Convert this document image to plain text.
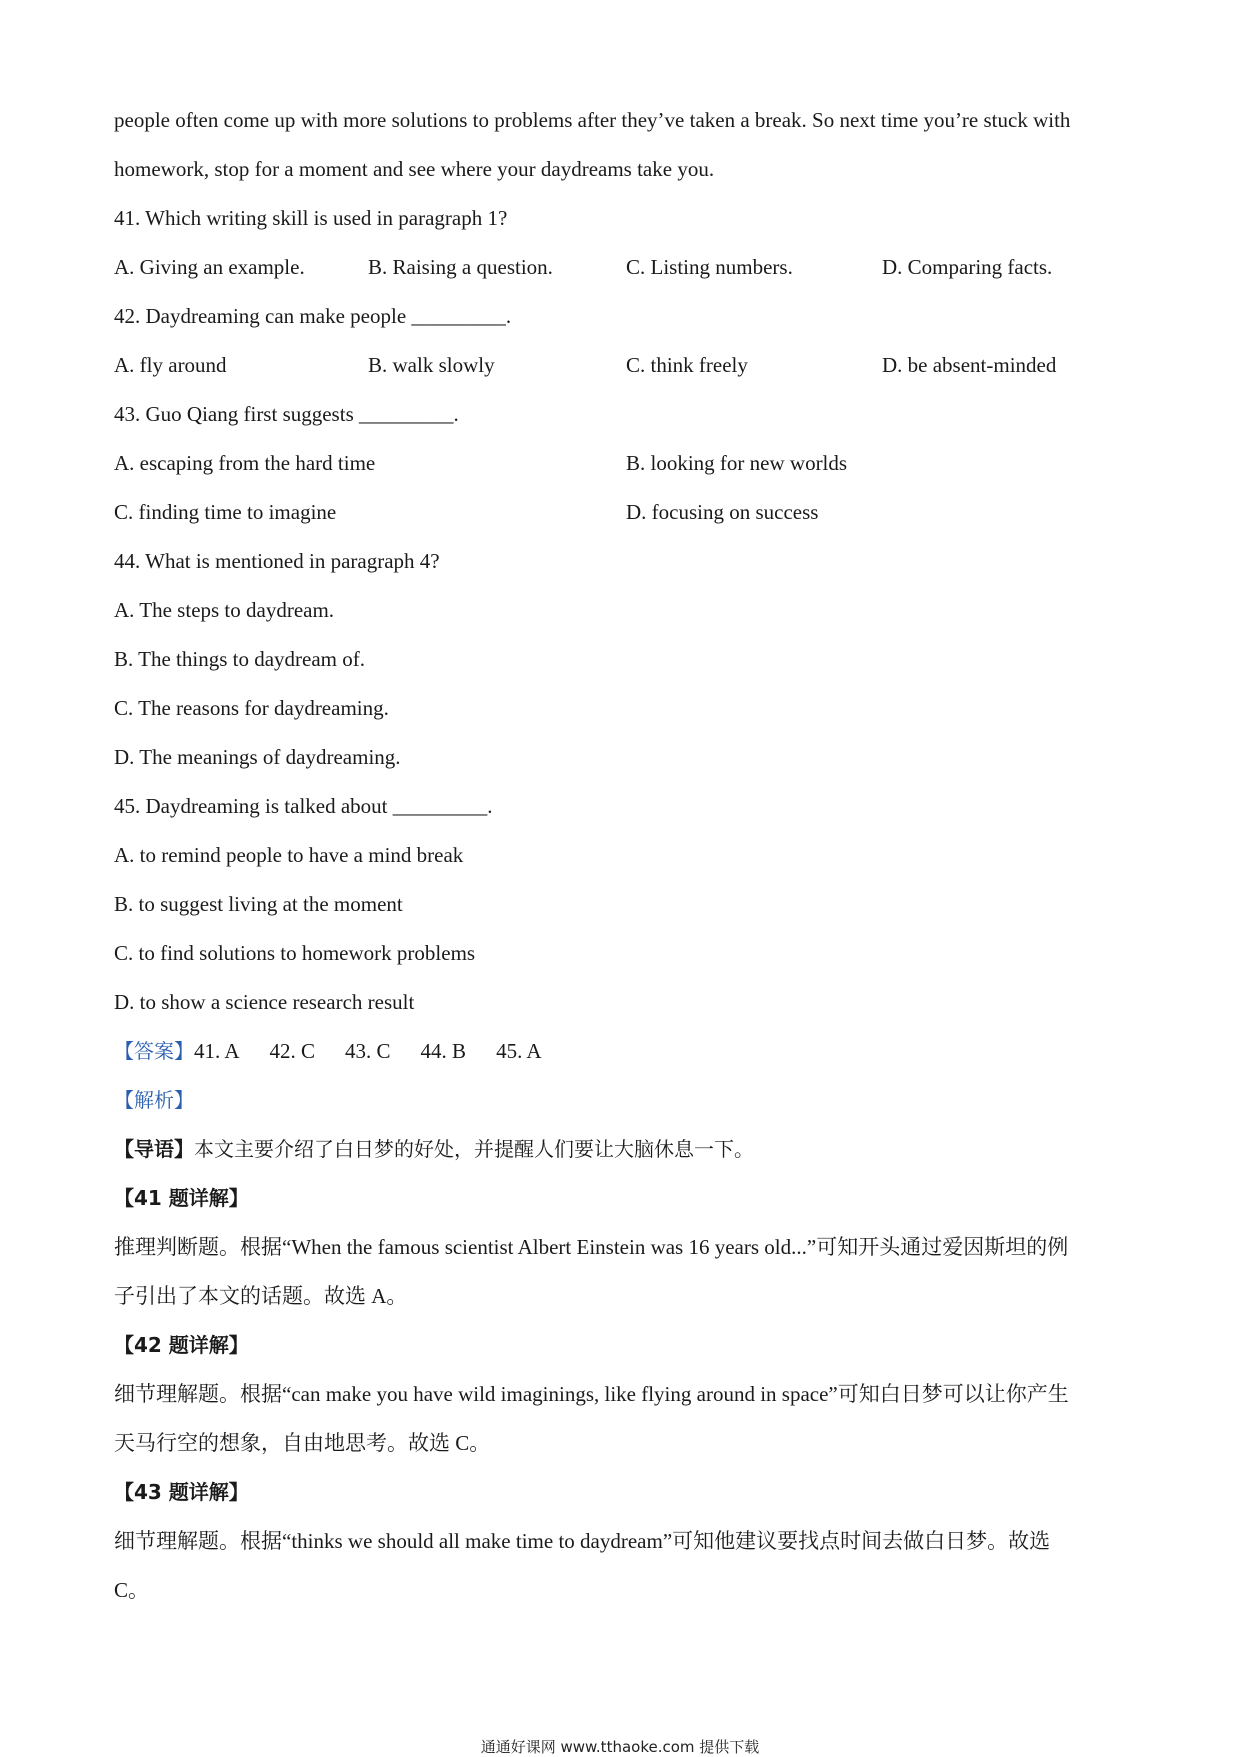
people often come up with more solutions to problems after they’ve taken a break. So next time you’re stuck with
homework, stop for a moment and see where your daydreams take you.
41. Which writing skill is used in paragraph 1?
A. Giving an example.	B. Raising a question.	C. Listing numbers.	D. Comparing facts.
42. Daydreaming can make people _________.
A. fly around	B. walk slowly	C. think freely	D. be absent-minded
43. Guo Qiang first suggests _________.
A. escaping from the hard time	B. looking for new worlds
C. finding time to imagine	D. focusing on success
44. What is mentioned in paragraph 4?
A. The steps to daydream.
B. The things to daydream of.
C. The reasons for daydreaming.
D. The meanings of daydreaming.
45. Daydreaming is talked about _________.
A. to remind people to have a mind break
B. to suggest living at the moment
C. to find solutions to homework problems
D. to show a science research result
【答案】41. A 42. C 43. C 44. B 45. A
【解析】
【导语】本文主要介绍了白日梦的好处，并提醒人们要让大脑休息一下。
【41 题详解】
推理判断题。根据“When the famous scientist Albert Einstein was 16 years old...”可知开头通过爱因斯坦的例
子引出了本文的话题。故选 A。
【42 题详解】
细节理解题。根据“can make you have wild imaginings, like flying around in space”可知白日梦可以让你产生
天马行空的想象，自由地思考。故选 C。
【43 题详解】
细节理解题。根据“thinks we should all make time to daydream”可知他建议要找点时间去做白日梦。故选
C。
通通好课网 www.tthaoke.com 提供下载
